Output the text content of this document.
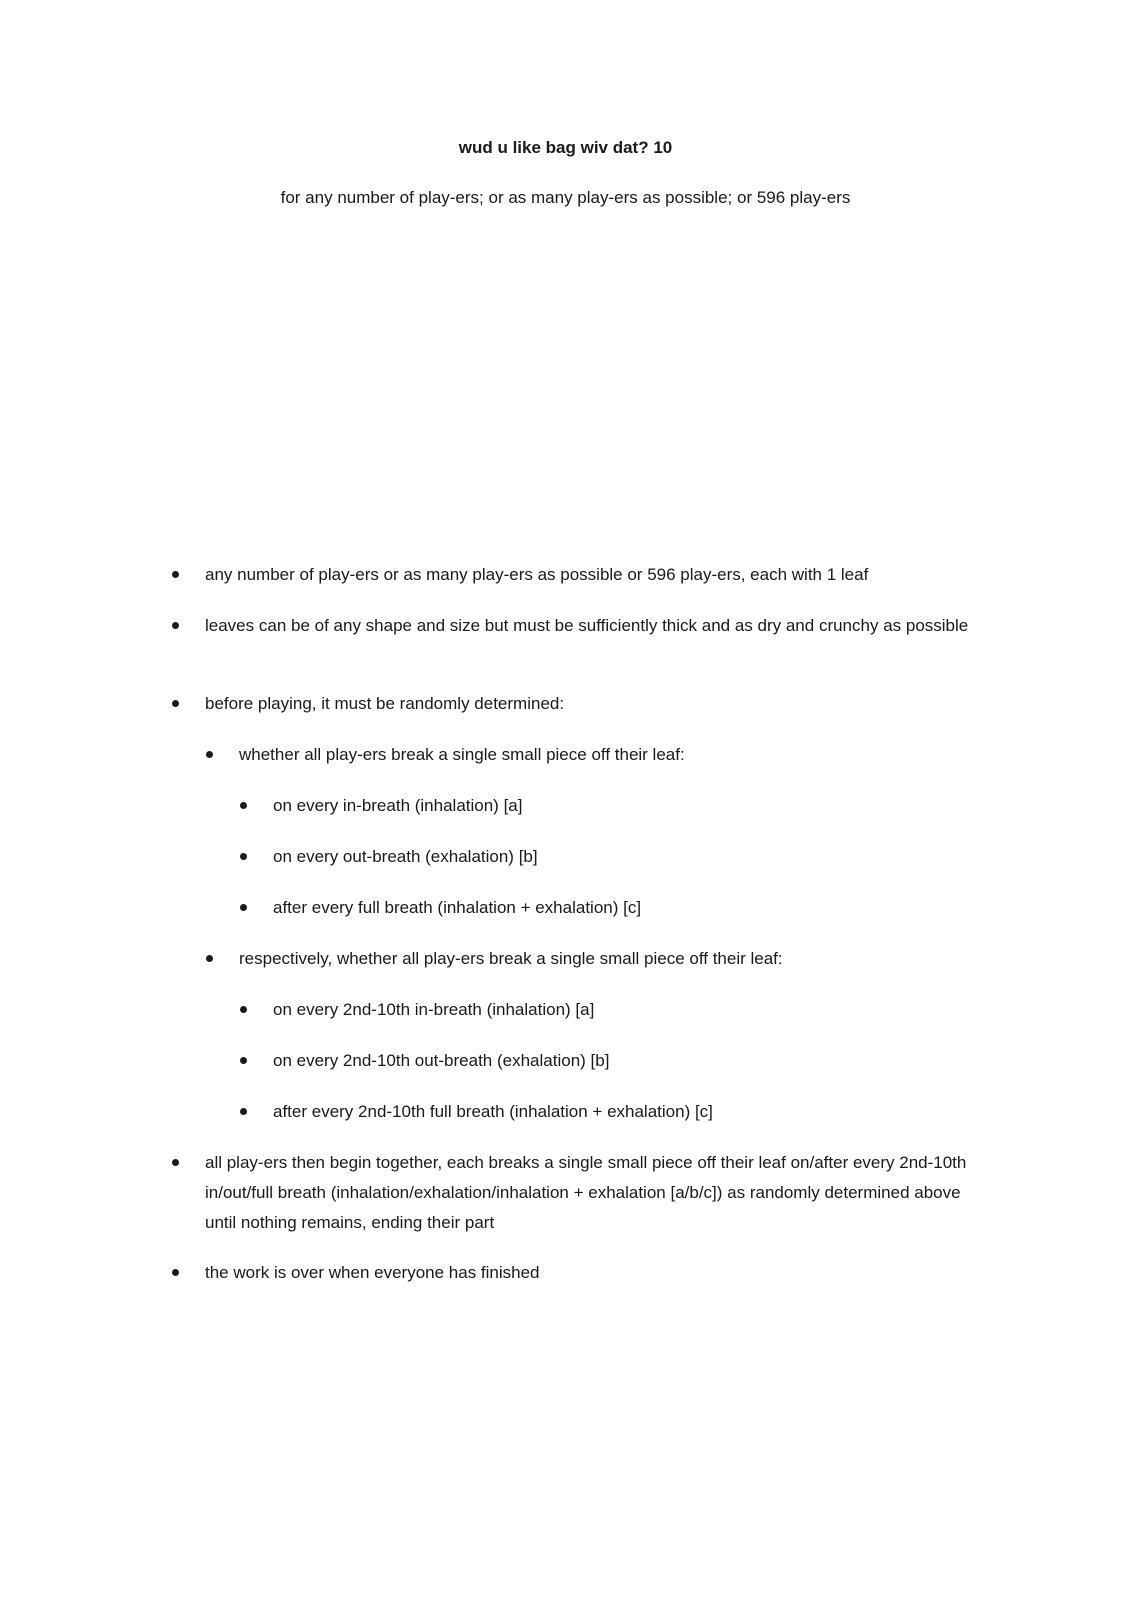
wud u like bag wiv dat? 10
for any number of play-ers; or as many play-ers as possible; or 596 play-ers
any number of play-ers or as many play-ers as possible or 596 play-ers, each with 1 leaf
leaves can be of any shape and size but must be sufficiently thick and as dry and crunchy as possible
before playing, it must be randomly determined:
whether all play-ers break a single small piece off their leaf:
on every in-breath (inhalation) [a]
on every out-breath (exhalation) [b]
after every full breath (inhalation + exhalation) [c]
respectively, whether all play-ers break a single small piece off their leaf:
on every 2nd-10th in-breath (inhalation) [a]
on every 2nd-10th out-breath (exhalation) [b]
after every 2nd-10th full breath (inhalation + exhalation) [c]
all play-ers then begin together, each breaks a single small piece off their leaf on/after every 2nd-10th in/out/full breath (inhalation/exhalation/inhalation + exhalation [a/b/c]) as randomly determined above until nothing remains, ending their part
the work is over when everyone has finished
